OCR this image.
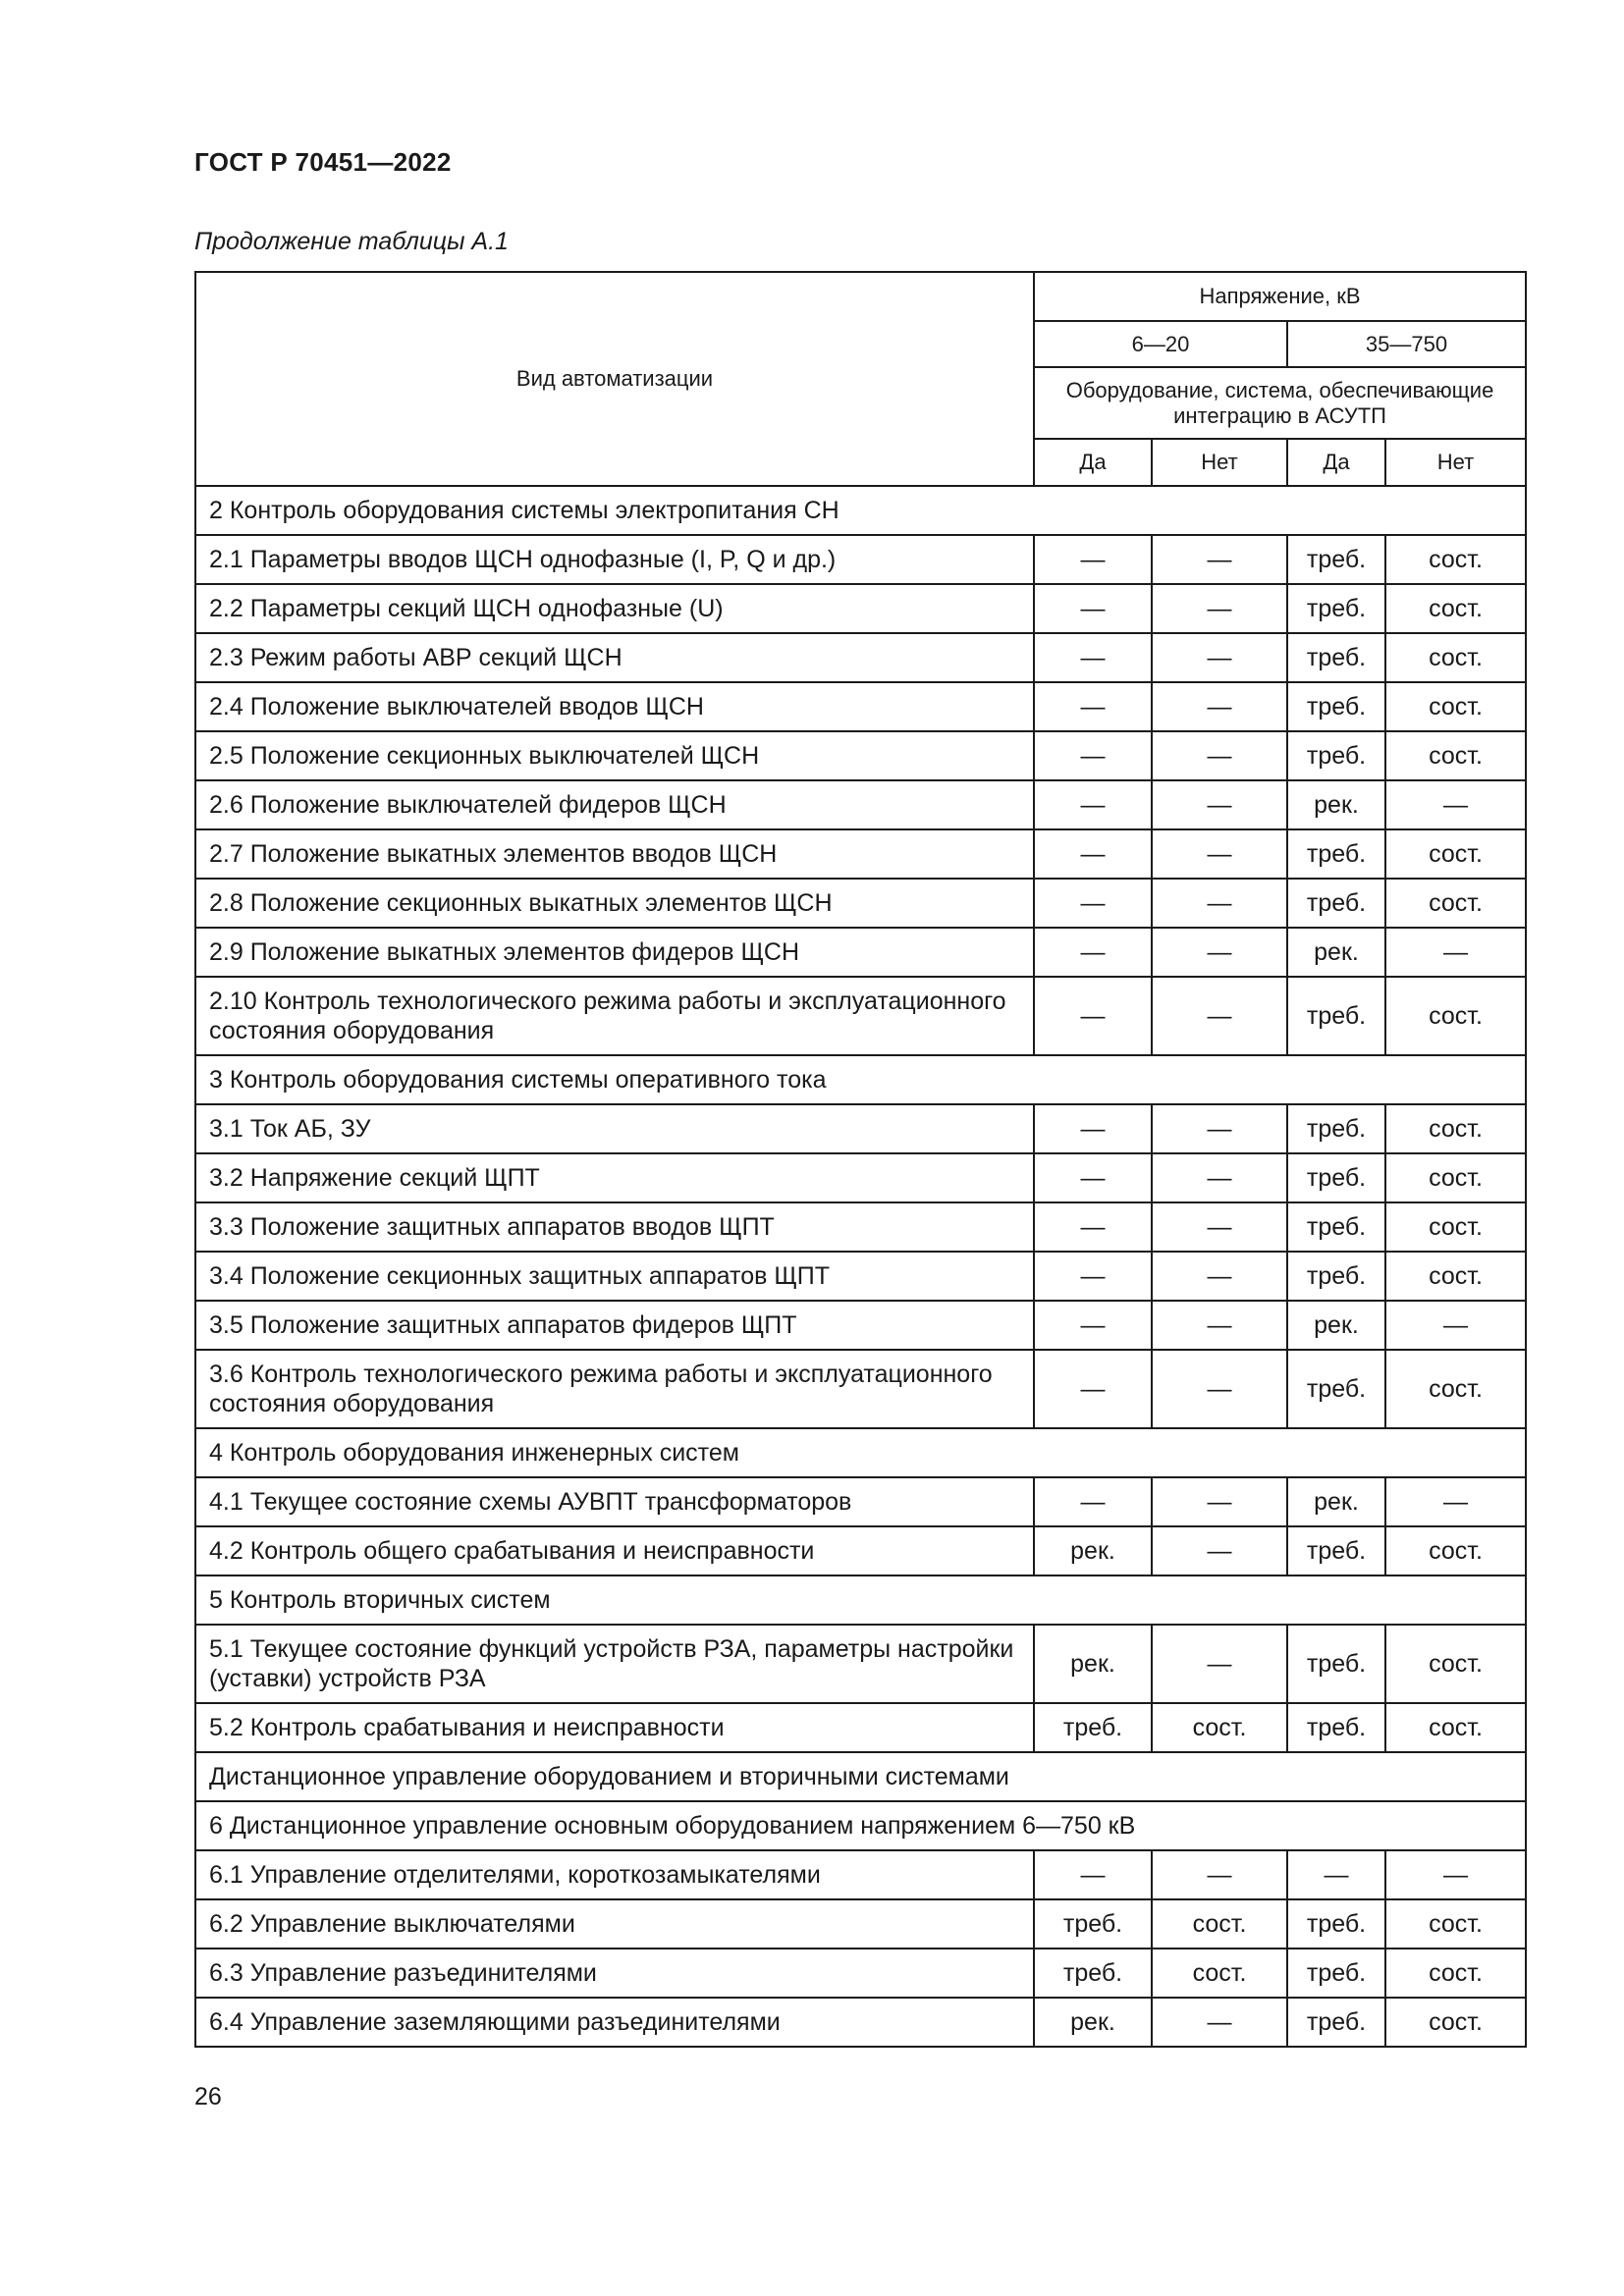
ГОСТ Р 70451—2022
Продолжение таблицы А.1
Вид автоматизации	Напряжение, кВ			
	6—20		35—750	
	Оборудование, система, обеспечивающие интеграцию в АСУТП			
	Да	Нет	Да	Нет
2 Контроль оборудования системы электропитания СН				
2.1 Параметры вводов ЩСН однофазные (I, P, Q и др.)	—	—	треб.	сост.
2.2 Параметры секций ЩСН однофазные (U)	—	—	треб.	сост.
2.3 Режим работы АВР секций ЩСН	—	—	треб.	сост.
2.4 Положение выключателей вводов ЩСН	—	—	треб.	сост.
2.5 Положение секционных выключателей ЩСН	—	—	треб.	сост.
2.6 Положение выключателей фидеров ЩСН	—	—	рек.	—
2.7 Положение выкатных элементов вводов ЩСН	—	—	треб.	сост.
2.8 Положение секционных выкатных элементов ЩСН	—	—	треб.	сост.
2.9 Положение выкатных элементов фидеров ЩСН	—	—	рек.	—
2.10 Контроль технологического режима работы и эксплуатационного состояния оборудования	—	—	треб.	сост.
3 Контроль оборудования системы оперативного тока				
3.1 Ток АБ, ЗУ	—	—	треб.	сост.
3.2 Напряжение секций ЩПТ	—	—	треб.	сост.
3.3 Положение защитных аппаратов вводов ЩПТ	—	—	треб.	сост.
3.4 Положение секционных защитных аппаратов ЩПТ	—	—	треб.	сост.
3.5 Положение защитных аппаратов фидеров ЩПТ	—	—	рек.	—
3.6 Контроль технологического режима работы и эксплуатационного состояния оборудования	—	—	треб.	сост.
4 Контроль оборудования инженерных систем				
4.1 Текущее состояние схемы АУВПТ трансформаторов	—	—	рек.	—
4.2 Контроль общего срабатывания и неисправности	рек.	—	треб.	сост.
5 Контроль вторичных систем				
5.1 Текущее состояние функций устройств РЗА, параметры настройки (уставки) устройств РЗА	рек.	—	треб.	сост.
5.2 Контроль срабатывания и неисправности	треб.	сост.	треб.	сост.
Дистанционное управление оборудованием и вторичными системами				
6 Дистанционное управление основным оборудованием напряжением 6—750 кВ				
6.1 Управление отделителями, короткозамыкателями	—	—	—	—
6.2 Управление выключателями	треб.	сост.	треб.	сост.
6.3 Управление разъединителями	треб.	сост.	треб.	сост.
6.4 Управление заземляющими разъединителями	рек.	—	треб.	сост.
26
